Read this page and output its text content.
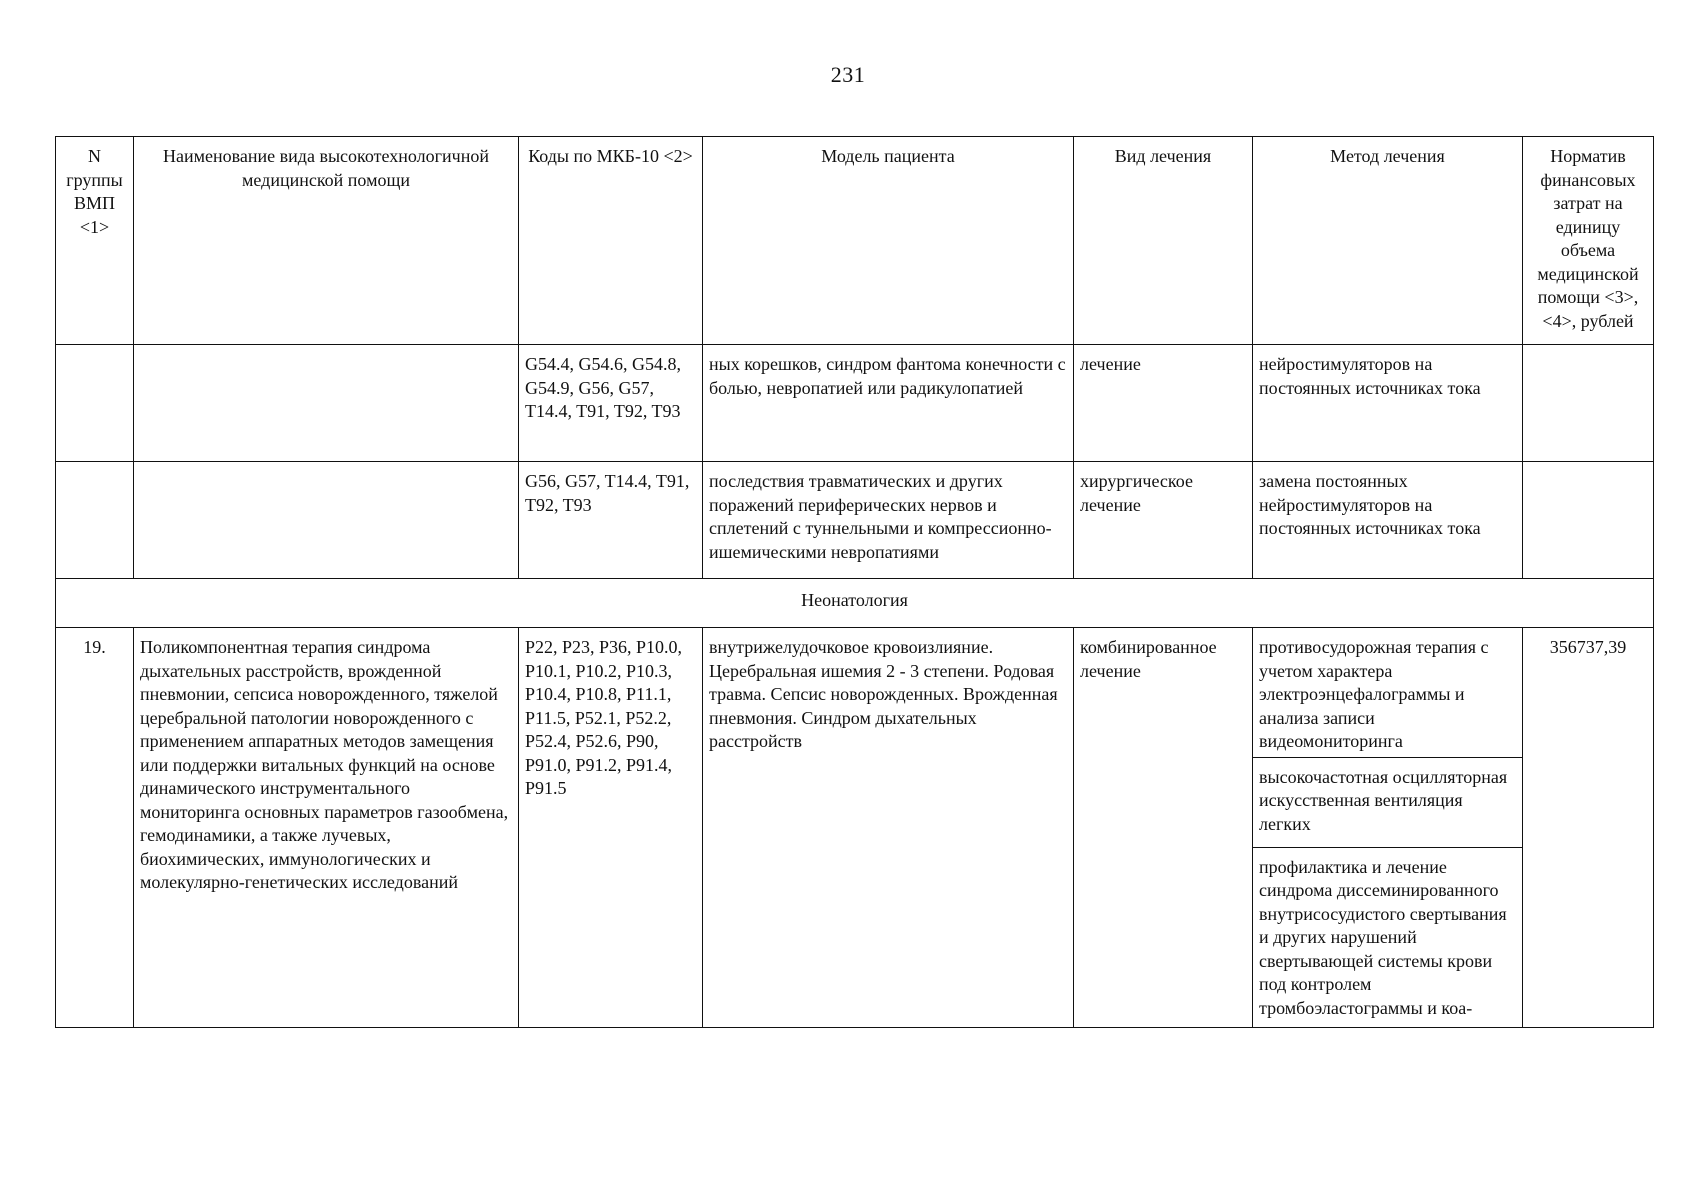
231
N группы ВМП <1>	Наименование вида высокотехнологичной медицинской помощи	Коды по МКБ-10 <2>	Модель пациента	Вид лечения	Метод лечения	Норматив финансовых затрат на единицу объема медицинской помощи <3>, <4>, рублей
		G54.4, G54.6, G54.8, G54.9, G56, G57, T14.4, T91, T92, T93	ных корешков, синдром фантома конечности с болью, невропатией или радикулопатией	лечение	нейростимуляторов на постоянных источниках тока	
		G56, G57, T14.4, T91, T92, T93	последствия травматических и других поражений периферических нервов и сплетений с туннельными и компрессионно-ишемическими невропатиями	хирургическое лечение	замена постоянных нейростимуляторов на постоянных источниках тока	
Неонатология						
19.	Поликомпонентная терапия синдрома дыхательных расстройств, врожденной пневмонии, сепсиса новорожденного, тяжелой церебральной патологии новорожденного с применением аппаратных методов замещения или поддержки витальных функций на основе динамического инструментального мониторинга основных параметров газообмена, гемодинамики, а также лучевых, биохимических, иммунологических и молекулярно-генетических исследований	P22, P23, P36, P10.0, P10.1, P10.2, P10.3, P10.4, P10.8, P11.1, P11.5, P52.1, P52.2, P52.4, P52.6, P90, P91.0, P91.2, P91.4, P91.5	внутрижелудочковое кровоизлияние. Церебральная ишемия 2 - 3 степени. Родовая травма. Сепсис новорожденных. Врожденная пневмония. Синдром дыхательных расстройств	комбинированное лечение	противосудорожная терапия с учетом характера электроэнцефалограммы и анализа записи видеомониторинга	356737,39
					высокочастотная осцилляторная искусственная вентиляция легких	
					профилактика и лечение синдрома диссеминированного внутрисосудистого свертывания и других нарушений свертывающей системы крови под контролем тромбоэластограммы и коа-	
